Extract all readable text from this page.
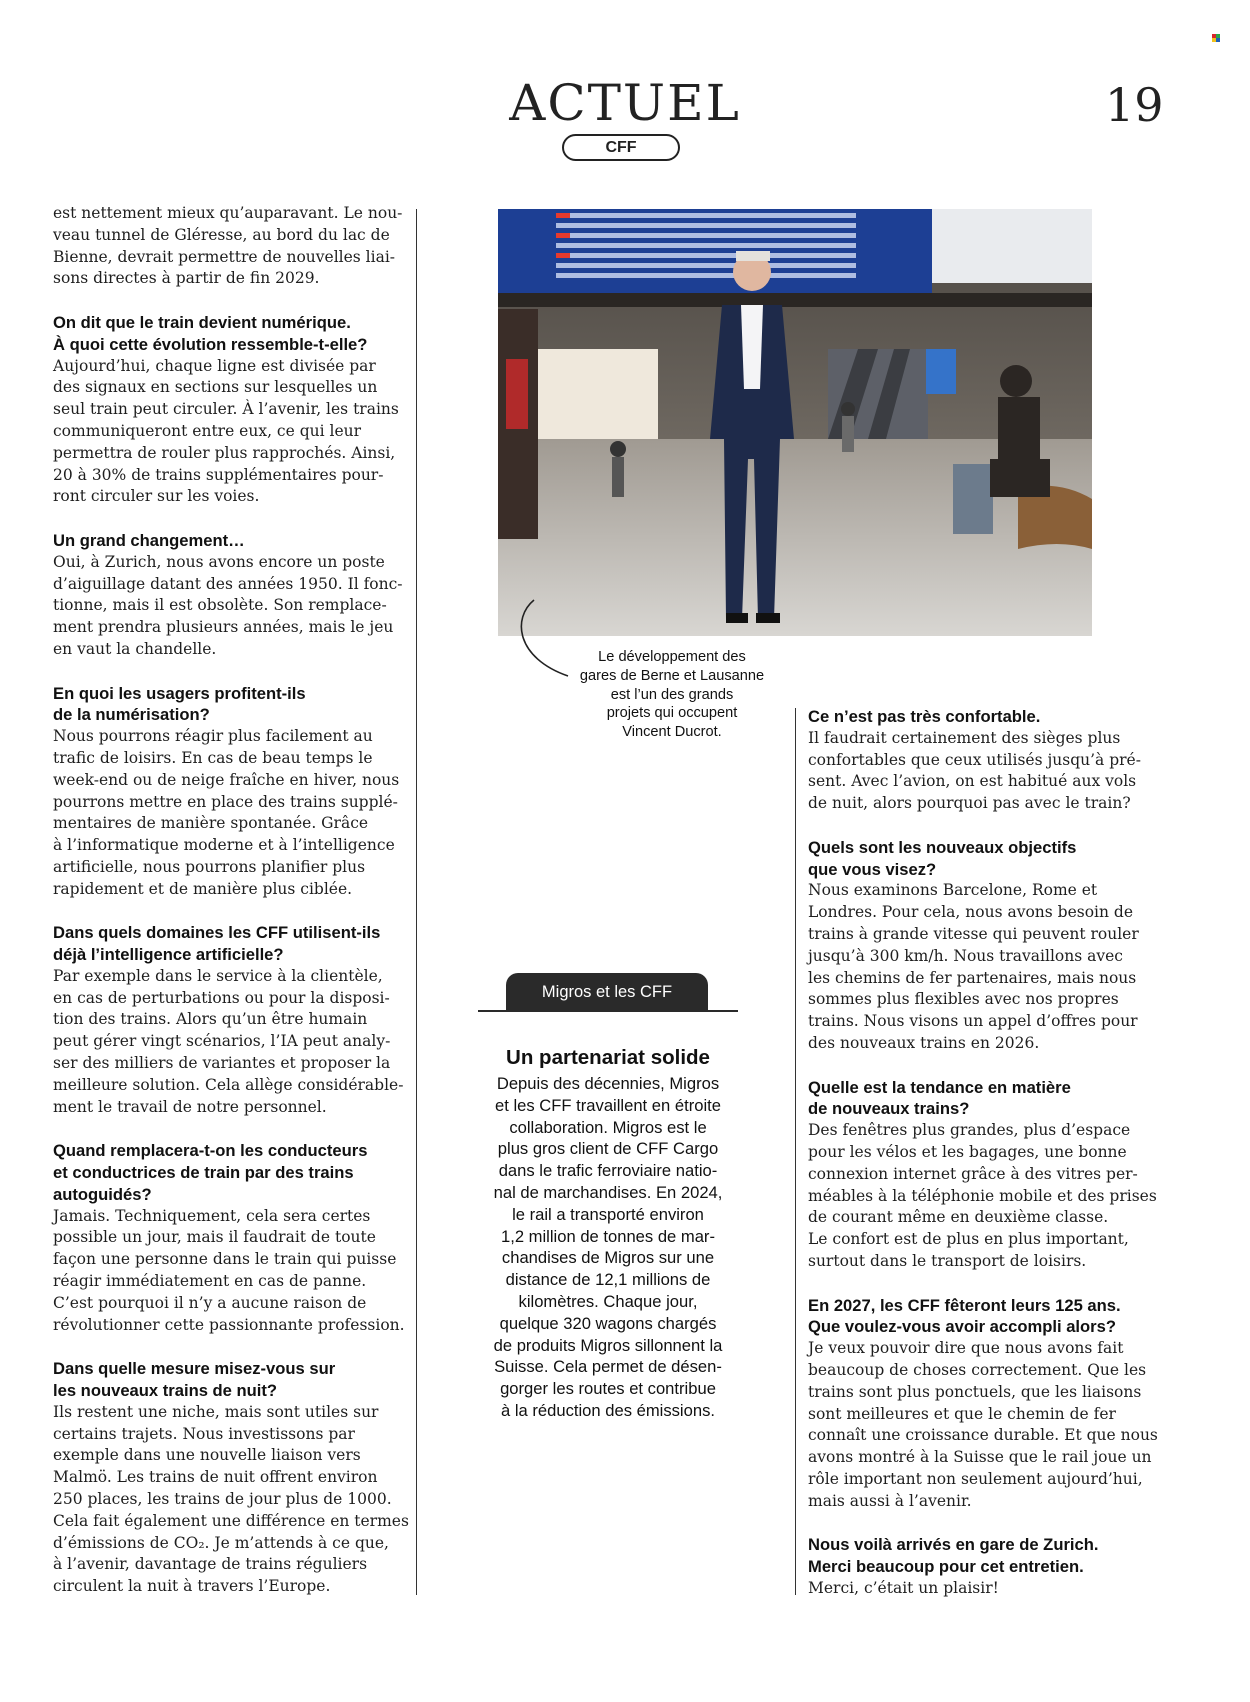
ACTUEL
CFF
19
est nettement mieux qu’auparavant. Le nou-
veau tunnel de Gléresse, au bord du lac de
Bienne, devrait permettre de nouvelles liai-
sons directes à partir de fin 2029.
On dit que le train devient numérique.
À quoi cette évolution ressemble-t-elle?
Aujourd’hui, chaque ligne est divisée par
des signaux en sections sur lesquelles un
seul train peut circuler. À l’avenir, les trains
communiqueront entre eux, ce qui leur
permettra de rouler plus rapprochés. Ainsi,
20 à 30% de trains supplémentaires pour-
ront circuler sur les voies.
Un grand changement…
Oui, à Zurich, nous avons encore un poste
d’aiguillage datant des années 1950. Il fonc-
tionne, mais il est obsolète. Son remplace-
ment prendra plusieurs années, mais le jeu
en vaut la chandelle.
En quoi les usagers profitent-ils
de la numérisation?
Nous pourrons réagir plus facilement au
trafic de loisirs. En cas de beau temps le
week-end ou de neige fraîche en hiver, nous
pourrons mettre en place des trains supplé-
mentaires de manière spontanée. Grâce
à l’informatique moderne et à l’intelligence
artificielle, nous pourrons planifier plus
rapidement et de manière plus ciblée.
Dans quels domaines les CFF utilisent-ils
déjà l’intelligence artificielle?
Par exemple dans le service à la clientèle,
en cas de perturbations ou pour la disposi-
tion des trains. Alors qu’un être humain
peut gérer vingt scénarios, l’IA peut analy-
ser des milliers de variantes et proposer la
meilleure solution. Cela allège considérable-
ment le travail de notre personnel.
Quand remplacera-t-on les conducteurs
et conductrices de train par des trains
autoguidés?
Jamais. Techniquement, cela sera certes
possible un jour, mais il faudrait de toute
façon une personne dans le train qui puisse
réagir immédiatement en cas de panne.
C’est pourquoi il n’y a aucune raison de
révolutionner cette passionnante profession.
Dans quelle mesure misez-vous sur
les nouveaux trains de nuit?
Ils restent une niche, mais sont utiles sur
certains trajets. Nous investissons par
exemple dans une nouvelle liaison vers
Malmö. Les trains de nuit offrent environ
250 places, les trains de jour plus de 1000.
Cela fait également une différence en termes
d’émissions de CO₂. Je m’attends à ce que,
à l’avenir, davantage de trains réguliers
circulent la nuit à travers l’Europe.
Le développement des
gares de Berne et Lausanne
est l’un des grands
projets qui occupent
Vincent Ducrot.
Migros et les CFF
Un partenariat solide
Depuis des décennies, Migros
et les CFF travaillent en étroite
collaboration. Migros est le
plus gros client de CFF Cargo
dans le trafic ferroviaire natio-
nal de marchandises. En 2024,
le rail a transporté environ
1,2 million de tonnes de mar-
chandises de Migros sur une
distance de 12,1 millions de
kilomètres. Chaque jour,
quelque 320 wagons chargés
de produits Migros sillonnent la
Suisse. Cela permet de désen-
gorger les routes et contribue
à la réduction des émissions.
Ce n’est pas très confortable.
Il faudrait certainement des sièges plus
confortables que ceux utilisés jusqu’à pré-
sent. Avec l’avion, on est habitué aux vols
de nuit, alors pourquoi pas avec le train?
Quels sont les nouveaux objectifs
que vous visez?
Nous examinons Barcelone, Rome et
Londres. Pour cela, nous avons besoin de
trains à grande vitesse qui peuvent rouler
jusqu’à 300 km/h. Nous travaillons avec
les chemins de fer partenaires, mais nous
sommes plus flexibles avec nos propres
trains. Nous visons un appel d’offres pour
des nouveaux trains en 2026.
Quelle est la tendance en matière
de nouveaux trains?
Des fenêtres plus grandes, plus d’espace
pour les vélos et les bagages, une bonne
connexion internet grâce à des vitres per-
méables à la téléphonie mobile et des prises
de courant même en deuxième classe.
Le confort est de plus en plus important,
surtout dans le transport de loisirs.
En 2027, les CFF fêteront leurs 125 ans.
Que voulez-vous avoir accompli alors?
Je veux pouvoir dire que nous avons fait
beaucoup de choses correctement. Que les
trains sont plus ponctuels, que les liaisons
sont meilleures et que le chemin de fer
connaît une croissance durable. Et que nous
avons montré à la Suisse que le rail joue un
rôle important non seulement aujourd’hui,
mais aussi à l’avenir.
Nous voilà arrivés en gare de Zurich.
Merci beaucoup pour cet entretien.
Merci, c’était un plaisir!
